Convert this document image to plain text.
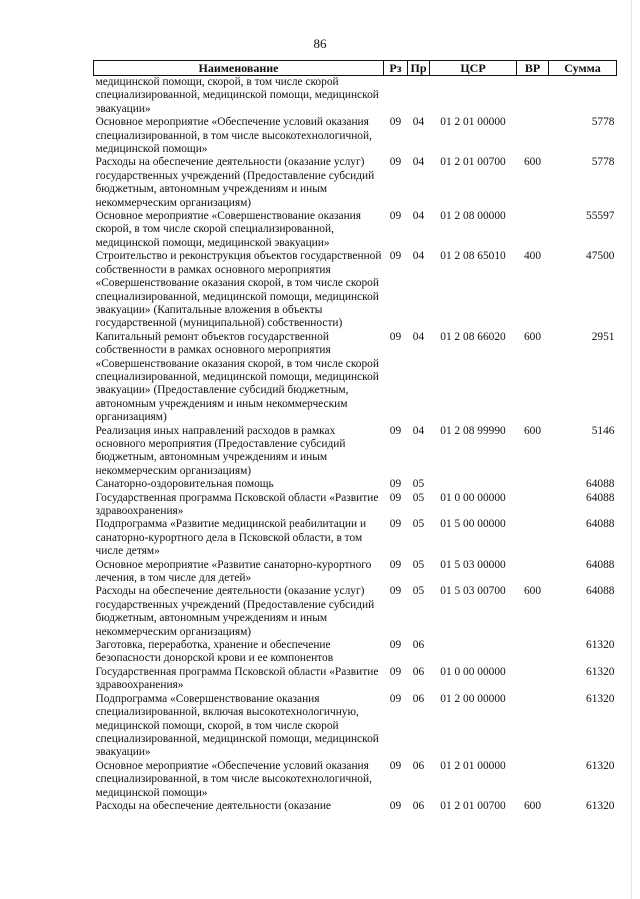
86
Наименование	Рз	Пр	ЦСР	ВР	Сумма
медицинской помощи, скорой, в том числе скорой специализированной, медицинской помощи, медицинской эвакуации»					
Основное мероприятие «Обеспечение условий оказания специализированной, в том числе высокотехнологичной, медицинской помощи»	09	04	01 2 01 00000		5778
Расходы на обеспечение деятельности (оказание услуг) государственных учреждений (Предоставление субсидий бюджетным, автономным учреждениям и иным некоммерческим организациям)	09	04	01 2 01 00700	600	5778
Основное мероприятие «Совершенствование оказания скорой, в том числе скорой специализированной, медицинской помощи, медицинской эвакуации»	09	04	01 2 08 00000		55597
Строительство и реконструкция объектов государственной собственности в рамках основного мероприятия «Совершенствование оказания скорой, в том числе скорой специализированной, медицинской помощи, медицинской эвакуации» (Капитальные вложения в объекты государственной (муниципальной) собственности)	09	04	01 2 08 65010	400	47500
Капитальный ремонт объектов государственной собственности в рамках основного мероприятия «Совершенствование оказания скорой, в том числе скорой специализированной, медицинской помощи, медицинской эвакуации» (Предоставление субсидий бюджетным, автономным учреждениям и иным некоммерческим организациям)	09	04	01 2 08 66020	600	2951
Реализация иных направлений расходов в рамках основного мероприятия (Предоставление субсидий бюджетным, автономным учреждениям и иным некоммерческим организациям)	09	04	01 2 08 99990	600	5146
Санаторно-оздоровительная помощь	09	05			64088
Государственная программа Псковской области «Развитие здравоохранения»	09	05	01 0 00 00000		64088
Подпрограмма «Развитие медицинской реабилитации и санаторно-курортного дела в Псковской области, в том числе детям»	09	05	01 5 00 00000		64088
Основное мероприятие «Развитие санаторно-курортного лечения, в том числе для детей»	09	05	01 5 03 00000		64088
Расходы на обеспечение деятельности (оказание услуг) государственных учреждений (Предоставление субсидий бюджетным, автономным учреждениям и иным некоммерческим организациям)	09	05	01 5 03 00700	600	64088
Заготовка, переработка, хранение и обеспечение безопасности донорской крови и ее компонентов	09	06			61320
Государственная программа Псковской области «Развитие здравоохранения»	09	06	01 0 00 00000		61320
Подпрограмма «Совершенствование оказания специализированной, включая высокотехнологичную, медицинской помощи, скорой, в том числе скорой специализированной, медицинской помощи, медицинской эвакуации»	09	06	01 2 00 00000		61320
Основное мероприятие «Обеспечение условий оказания специализированной, в том числе высокотехнологичной, медицинской помощи»	09	06	01 2 01 00000		61320
Расходы на обеспечение деятельности (оказание	09	06	01 2 01 00700	600	61320
